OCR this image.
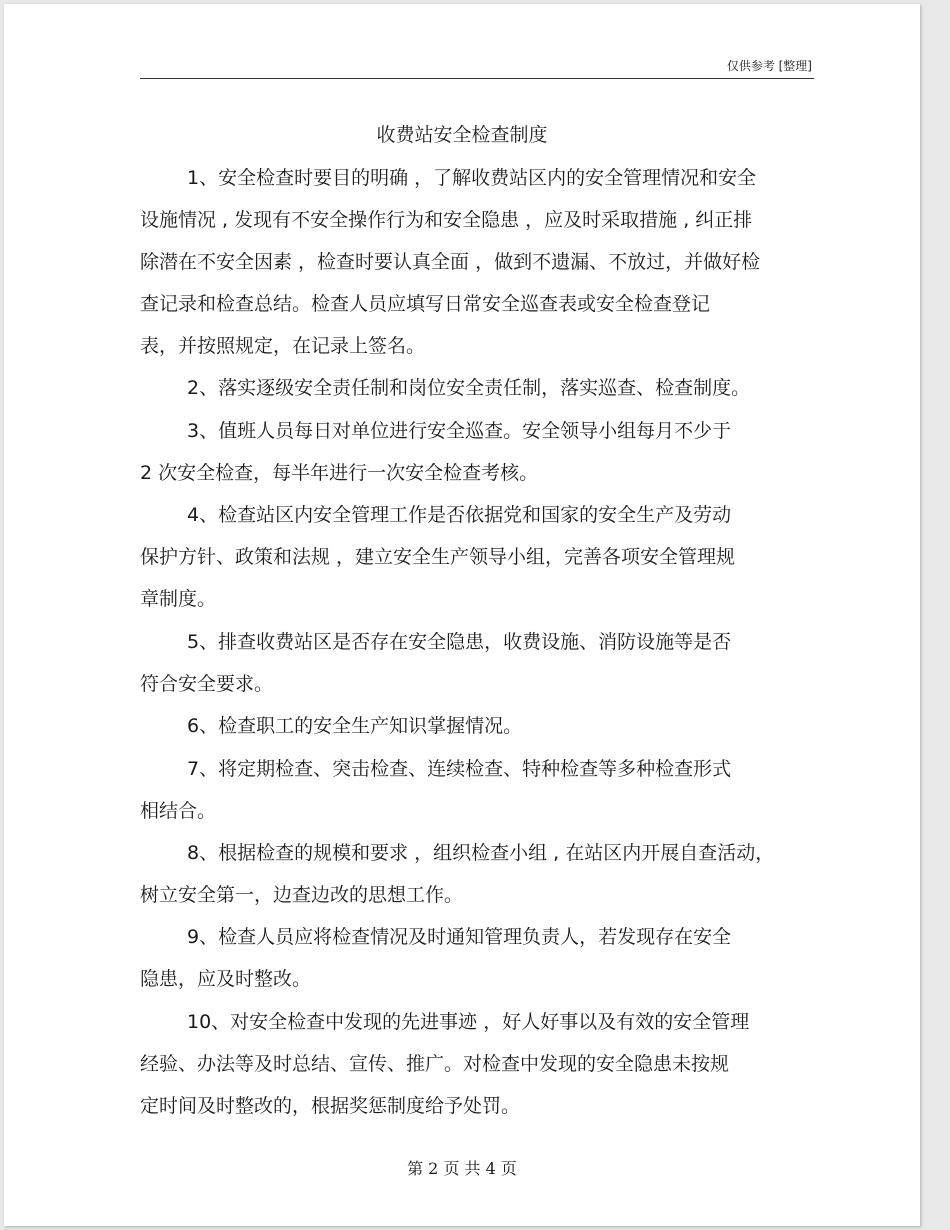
仅供参考 [整理]
收费站安全检查制度
1、安全检查时要目的明确 ，了解收费站区内的安全管理情况和安全
设施情况 , 发现有不安全操作行为和安全隐患 ，应及时采取措施 , 纠正排
除潜在不安全因素 ，检查时要认真全面 ，做到不遗漏、不放过，并做好检
查记录和检查总结。检查人员应填写日常安全巡查表或安全检查登记
表，并按照规定，在记录上签名。
2、落实逐级安全责任制和岗位安全责任制，落实巡查、检查制度。
3、值班人员每日对单位进行安全巡查。安全领导小组每月不少于
2 次安全检查，每半年进行一次安全检查考核。
4、检查站区内安全管理工作是否依据党和国家的安全生产及劳动
保护方针、政策和法规 ，建立安全生产领导小组，完善各项安全管理规
章制度。
5、排查收费站区是否存在安全隐患，收费设施、消防设施等是否
符合安全要求。
6、检查职工的安全生产知识掌握情况。
7、将定期检查、突击检查、连续检查、特种检查等多种检查形式
相结合。
8、根据检查的规模和要求 ，组织检查小组 , 在站区内开展自查活动，
树立安全第一，边查边改的思想工作。
9、检查人员应将检查情况及时通知管理负责人，若发现存在安全
隐患，应及时整改。
10、对安全检查中发现的先进事迹 ，好人好事以及有效的安全管理
经验、办法等及时总结、宣传、推广。对检查中发现的安全隐患未按规
定时间及时整改的，根据奖惩制度给予处罚。
第 2 页 共 4 页
